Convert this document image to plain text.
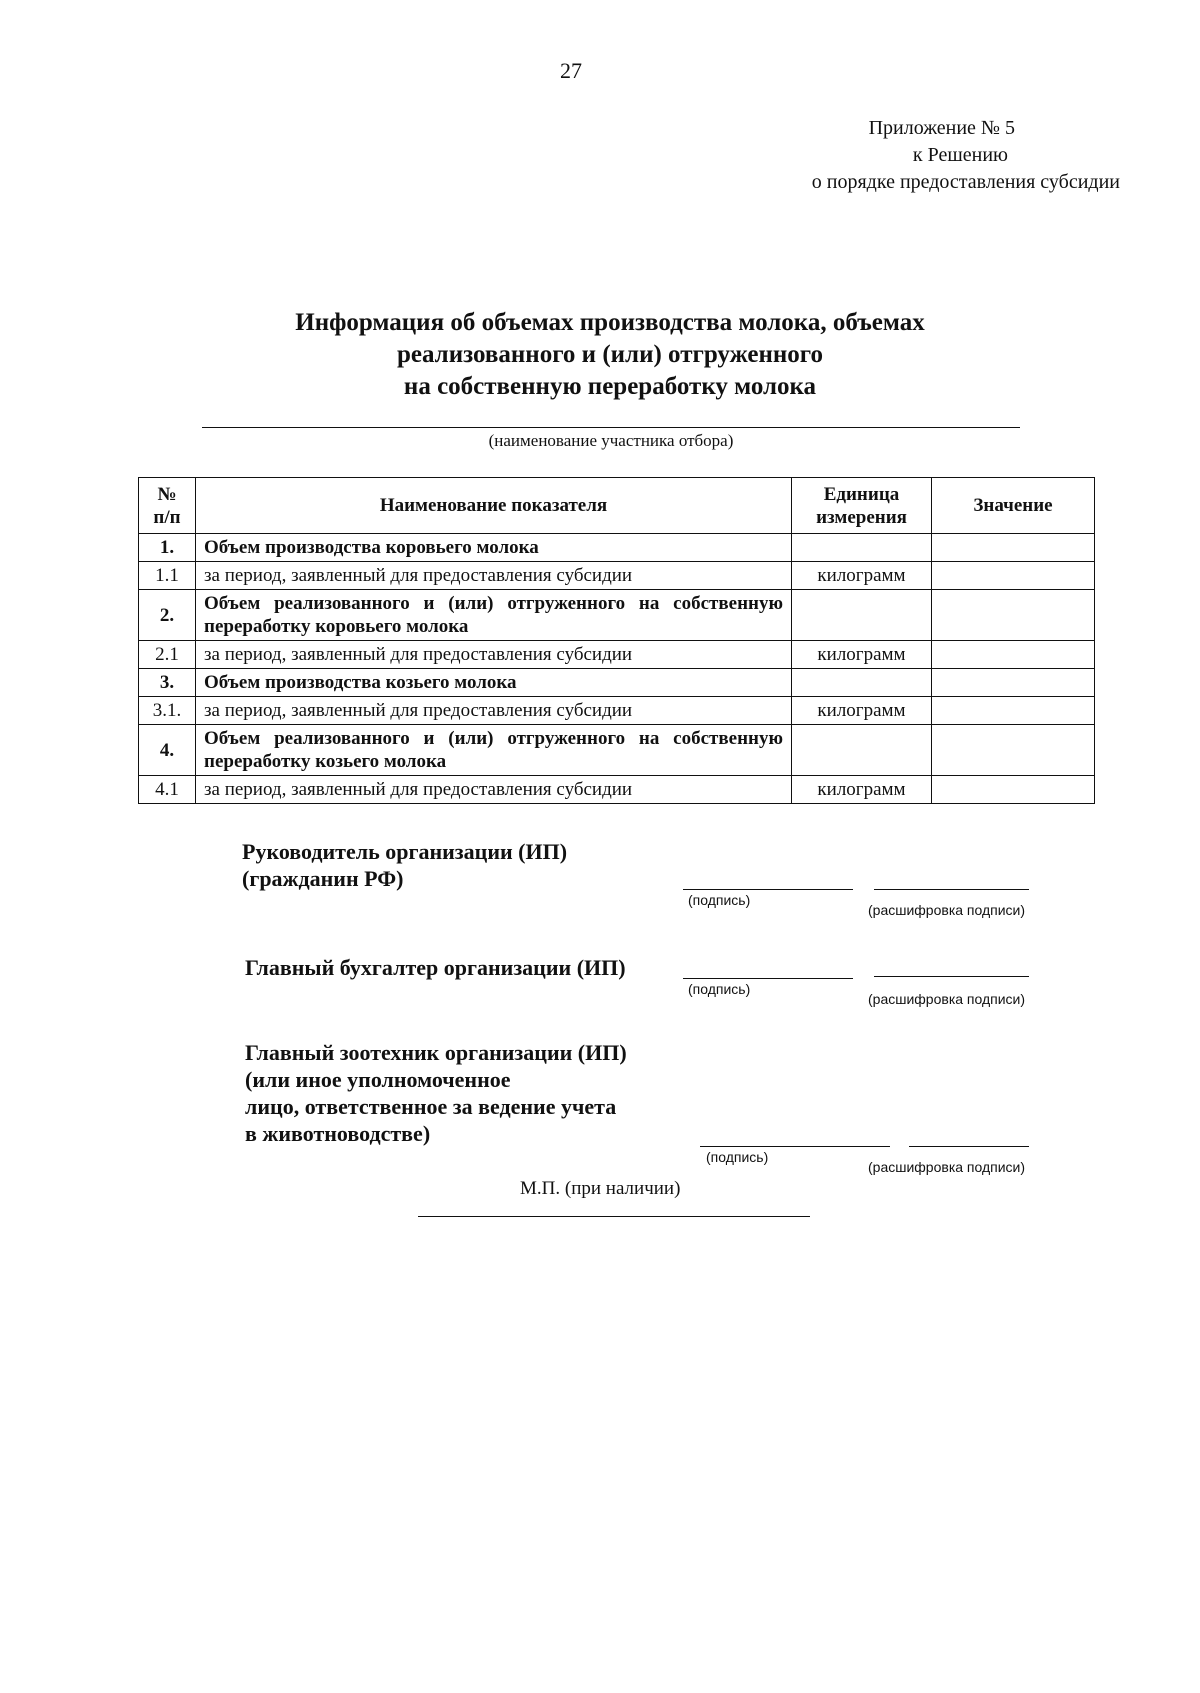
27
Приложение № 5
к Решению
о порядке предоставления субсидии
Информация об объемах производства молока, объемах
реализованного и (или) отгруженного
на собственную переработку молока
(наименование участника отбора)
№ п/п	Наименование показателя	Единица измерения	Значение
1.	Объем производства коровьего молока		
1.1	за период, заявленный для предоставления субсидии	килограмм	
2.	Объем реализованного и (или) отгруженного на собственную переработку коровьего молока		
2.1	за период, заявленный для предоставления субсидии	килограмм	
3.	Объем производства козьего молока		
3.1.	за период, заявленный для предоставления субсидии	килограмм	
4.	Объем реализованного и (или) отгруженного на собственную переработку козьего молока		
4.1	за период, заявленный для предоставления субсидии	килограмм	
Руководитель организации (ИП)
(гражданин РФ)
(подпись)
(расшифровка подписи)
Главный бухгалтер организации (ИП)
(подпись)
(расшифровка подписи)
Главный зоотехник организации (ИП)
(или иное уполномоченное
лицо, ответственное за ведение учета
в животноводстве)
(подпись)
(расшифровка подписи)
М.П. (при наличии)
